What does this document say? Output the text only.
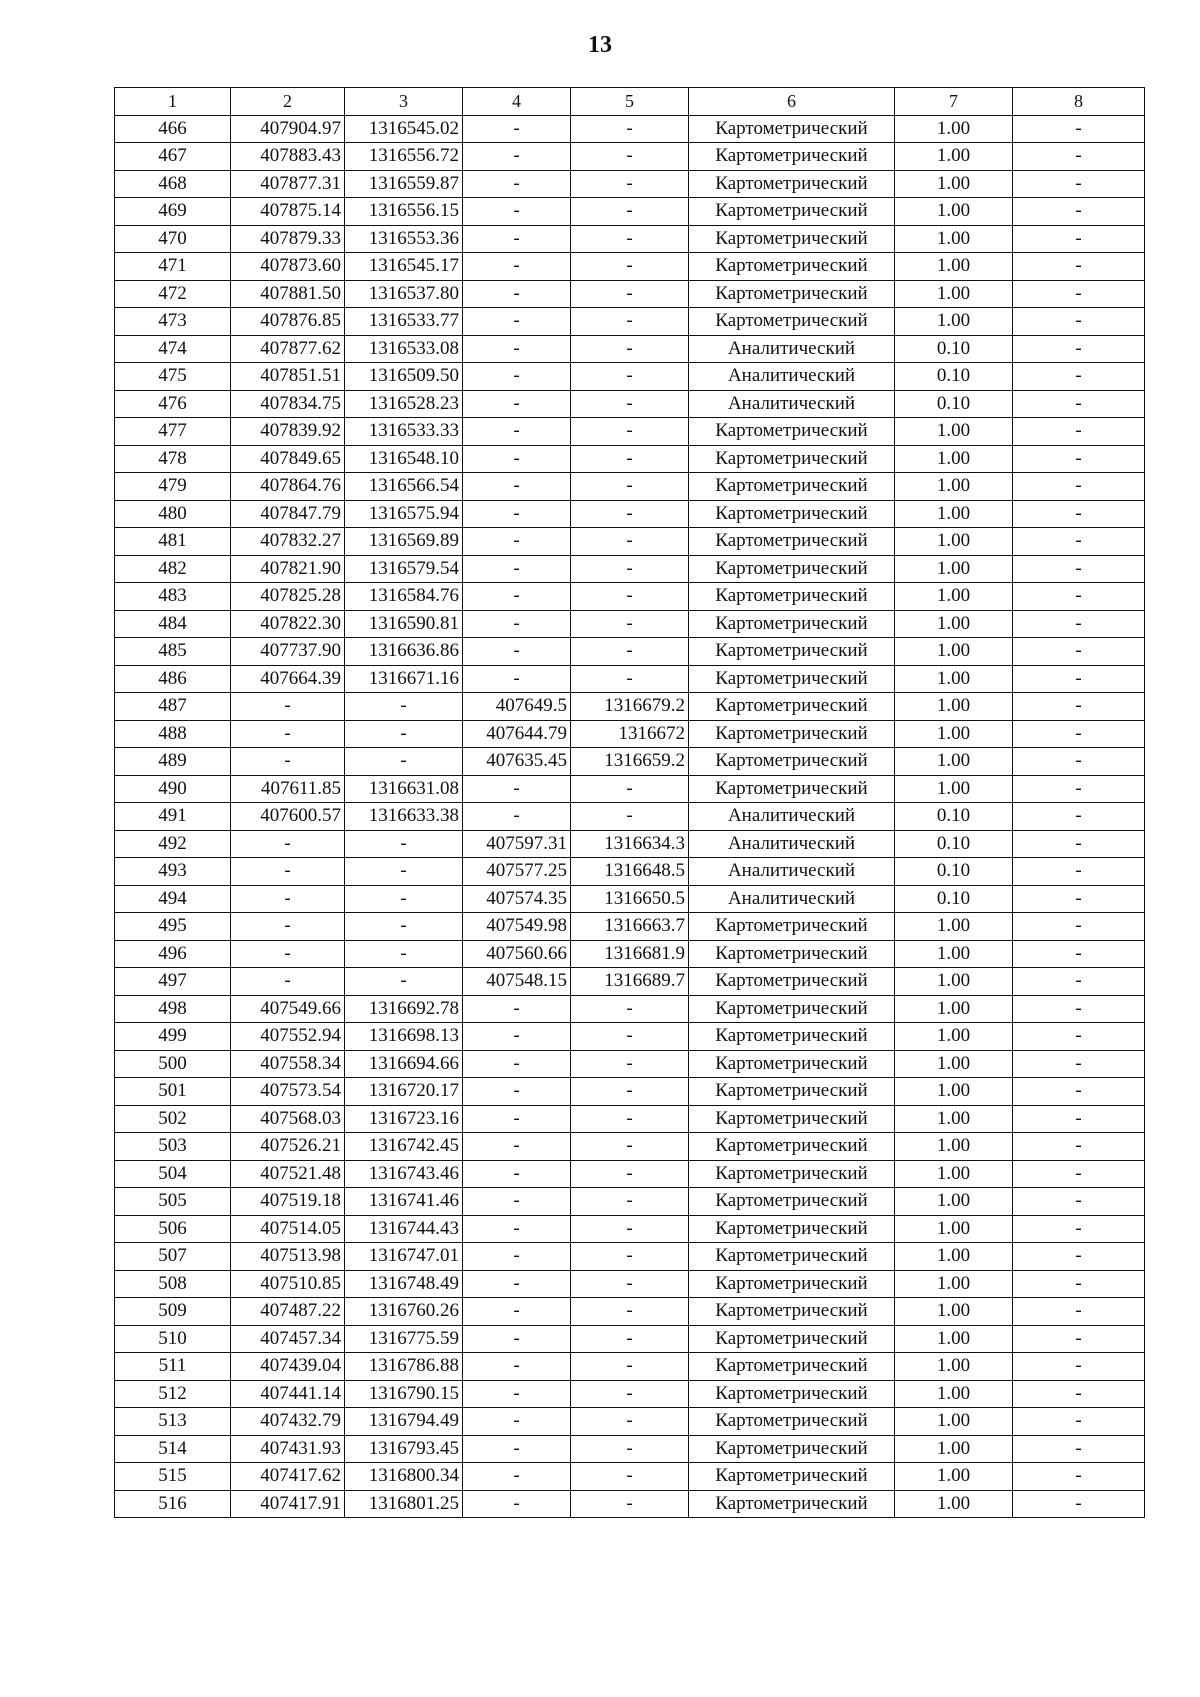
13
1	2	3	4	5	6	7	8
466	407904.97	1316545.02	-	-	Картометрический	1.00	-
467	407883.43	1316556.72	-	-	Картометрический	1.00	-
468	407877.31	1316559.87	-	-	Картометрический	1.00	-
469	407875.14	1316556.15	-	-	Картометрический	1.00	-
470	407879.33	1316553.36	-	-	Картометрический	1.00	-
471	407873.60	1316545.17	-	-	Картометрический	1.00	-
472	407881.50	1316537.80	-	-	Картометрический	1.00	-
473	407876.85	1316533.77	-	-	Картометрический	1.00	-
474	407877.62	1316533.08	-	-	Аналитический	0.10	-
475	407851.51	1316509.50	-	-	Аналитический	0.10	-
476	407834.75	1316528.23	-	-	Аналитический	0.10	-
477	407839.92	1316533.33	-	-	Картометрический	1.00	-
478	407849.65	1316548.10	-	-	Картометрический	1.00	-
479	407864.76	1316566.54	-	-	Картометрический	1.00	-
480	407847.79	1316575.94	-	-	Картометрический	1.00	-
481	407832.27	1316569.89	-	-	Картометрический	1.00	-
482	407821.90	1316579.54	-	-	Картометрический	1.00	-
483	407825.28	1316584.76	-	-	Картометрический	1.00	-
484	407822.30	1316590.81	-	-	Картометрический	1.00	-
485	407737.90	1316636.86	-	-	Картометрический	1.00	-
486	407664.39	1316671.16	-	-	Картометрический	1.00	-
487	-	-	407649.5	1316679.2	Картометрический	1.00	-
488	-	-	407644.79	1316672	Картометрический	1.00	-
489	-	-	407635.45	1316659.2	Картометрический	1.00	-
490	407611.85	1316631.08	-	-	Картометрический	1.00	-
491	407600.57	1316633.38	-	-	Аналитический	0.10	-
492	-	-	407597.31	1316634.3	Аналитический	0.10	-
493	-	-	407577.25	1316648.5	Аналитический	0.10	-
494	-	-	407574.35	1316650.5	Аналитический	0.10	-
495	-	-	407549.98	1316663.7	Картометрический	1.00	-
496	-	-	407560.66	1316681.9	Картометрический	1.00	-
497	-	-	407548.15	1316689.7	Картометрический	1.00	-
498	407549.66	1316692.78	-	-	Картометрический	1.00	-
499	407552.94	1316698.13	-	-	Картометрический	1.00	-
500	407558.34	1316694.66	-	-	Картометрический	1.00	-
501	407573.54	1316720.17	-	-	Картометрический	1.00	-
502	407568.03	1316723.16	-	-	Картометрический	1.00	-
503	407526.21	1316742.45	-	-	Картометрический	1.00	-
504	407521.48	1316743.46	-	-	Картометрический	1.00	-
505	407519.18	1316741.46	-	-	Картометрический	1.00	-
506	407514.05	1316744.43	-	-	Картометрический	1.00	-
507	407513.98	1316747.01	-	-	Картометрический	1.00	-
508	407510.85	1316748.49	-	-	Картометрический	1.00	-
509	407487.22	1316760.26	-	-	Картометрический	1.00	-
510	407457.34	1316775.59	-	-	Картометрический	1.00	-
511	407439.04	1316786.88	-	-	Картометрический	1.00	-
512	407441.14	1316790.15	-	-	Картометрический	1.00	-
513	407432.79	1316794.49	-	-	Картометрический	1.00	-
514	407431.93	1316793.45	-	-	Картометрический	1.00	-
515	407417.62	1316800.34	-	-	Картометрический	1.00	-
516	407417.91	1316801.25	-	-	Картометрический	1.00	-
